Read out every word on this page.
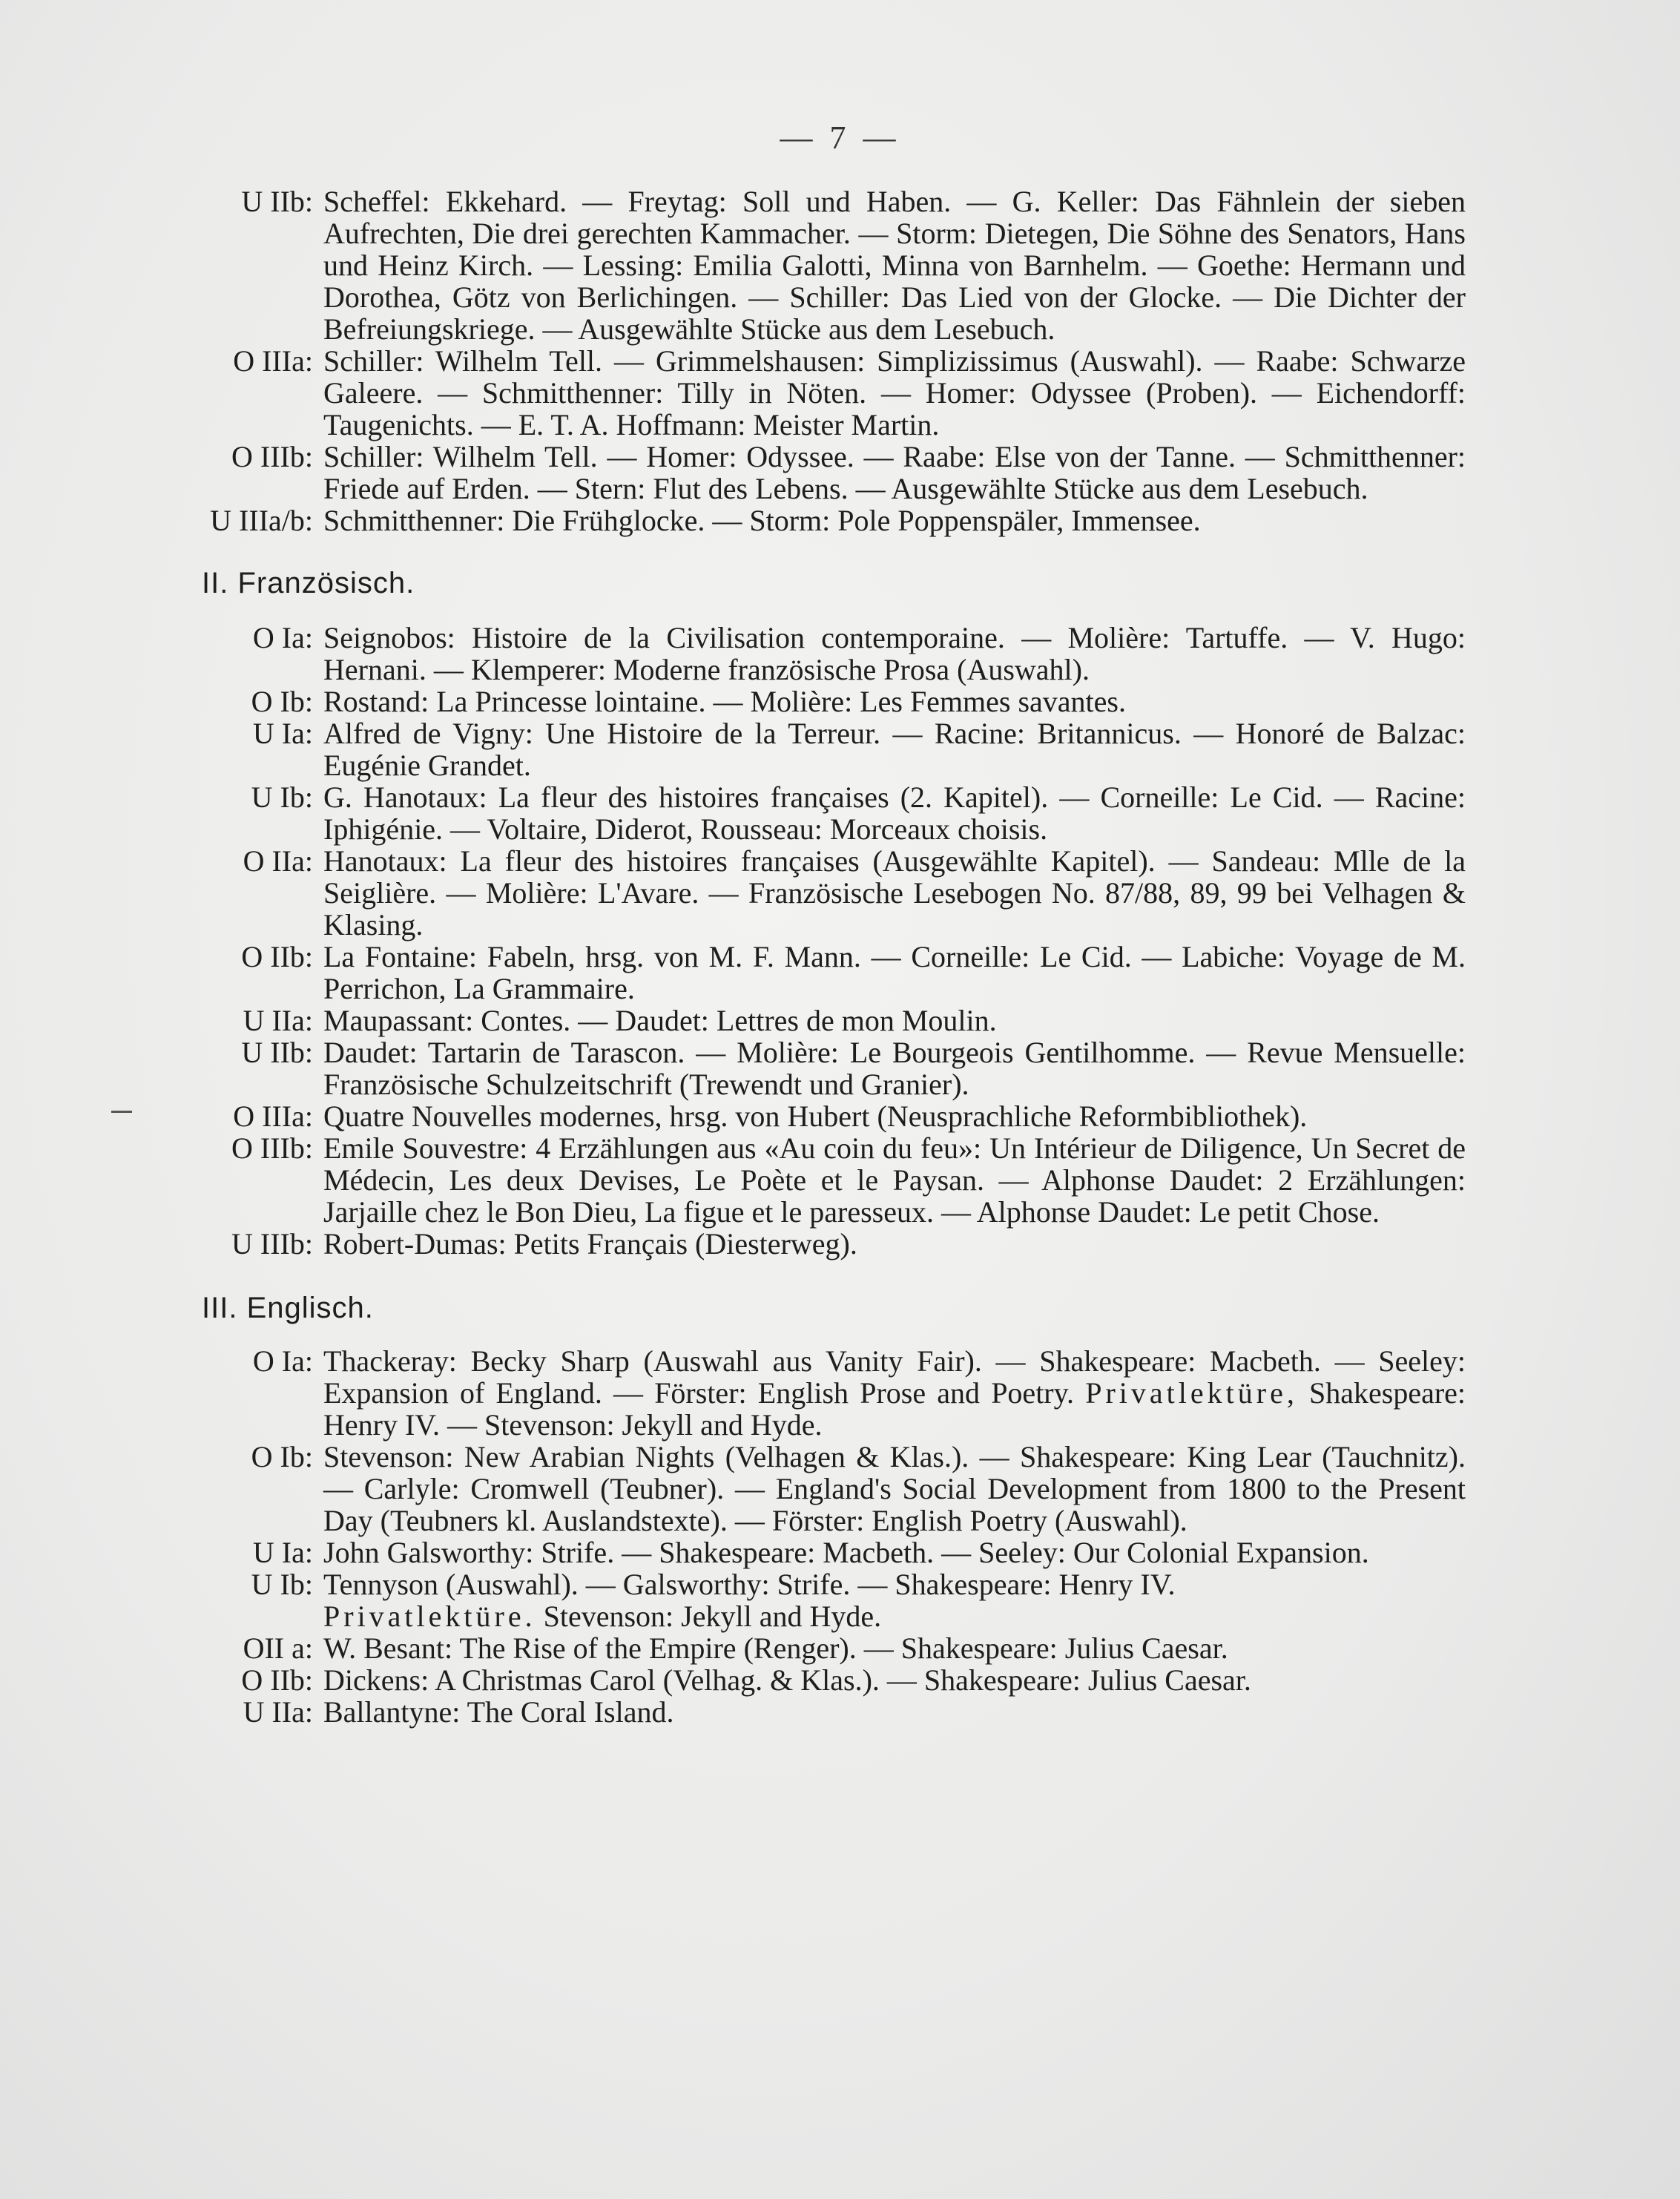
— 7 —
U IIb: Scheffel: Ekkehard. — Freytag: Soll und Haben. — G. Keller: Das Fähnlein der sieben Aufrechten, Die drei gerechten Kammacher. — Storm: Dietegen, Die Söhne des Senators, Hans und Heinz Kirch. — Lessing: Emilia Galotti, Minna von Barnhelm. — Goethe: Hermann und Dorothea, Götz von Berlichingen. — Schiller: Das Lied von der Glocke. — Die Dichter der Befreiungskriege. — Ausgewählte Stücke aus dem Lesebuch.
O IIIa: Schiller: Wilhelm Tell. — Grimmelshausen: Simplizissimus (Auswahl). — Raabe: Schwarze Galeere. — Schmitthenner: Tilly in Nöten. — Homer: Odyssee (Proben). — Eichendorff: Taugenichts. — E. T. A. Hoffmann: Meister Martin.
O IIIb: Schiller: Wilhelm Tell. — Homer: Odyssee. — Raabe: Else von der Tanne. — Schmitthenner: Friede auf Erden. — Stern: Flut des Lebens. — Ausgewählte Stücke aus dem Lesebuch.
U IIIa/b: Schmitthenner: Die Frühglocke. — Storm: Pole Poppenspäler, Immensee.
II. Französisch.
O Ia: Seignobos: Histoire de la Civilisation contemporaine. — Molière: Tartuffe. — V. Hugo: Hernani. — Klemperer: Moderne französische Prosa (Auswahl).
O Ib: Rostand: La Princesse lointaine. — Molière: Les Femmes savantes.
U Ia: Alfred de Vigny: Une Histoire de la Terreur. — Racine: Britannicus. — Honoré de Balzac: Eugénie Grandet.
U Ib: G. Hanotaux: La fleur des histoires françaises (2. Kapitel). — Corneille: Le Cid. — Racine: Iphigénie. — Voltaire, Diderot, Rousseau: Morceaux choisis.
O IIa: Hanotaux: La fleur des histoires françaises (Ausgewählte Kapitel). — Sandeau: Mlle de la Seiglière. — Molière: L'Avare. — Französische Lesebogen No. 87/88, 89, 99 bei Velhagen & Klasing.
O IIb: La Fontaine: Fabeln, hrsg. von M. F. Mann. — Corneille: Le Cid. — Labiche: Voyage de M. Perrichon, La Grammaire.
U IIa: Maupassant: Contes. — Daudet: Lettres de mon Moulin.
U IIb: Daudet: Tartarin de Tarascon. — Molière: Le Bourgeois Gentilhomme. — Revue Mensuelle: Französische Schulzeitschrift (Trewendt und Granier).
O IIIa: Quatre Nouvelles modernes, hrsg. von Hubert (Neusprachliche Reformbibliothek).
O IIIb: Emile Souvestre: 4 Erzählungen aus «Au coin du feu»: Un Intérieur de Diligence, Un Secret de Médecin, Les deux Devises, Le Poète et le Paysan. — Alphonse Daudet: 2 Erzählungen: Jarjaille chez le Bon Dieu, La figue et le paresseux. — Alphonse Daudet: Le petit Chose.
U IIIb: Robert-Dumas: Petits Français (Diesterweg).
III. Englisch.
O Ia: Thackeray: Becky Sharp (Auswahl aus Vanity Fair). — Shakespeare: Macbeth. — Seeley: Expansion of England. — Förster: English Prose and Poetry. Privatlektüre, Shakespeare: Henry IV. — Stevenson: Jekyll and Hyde.
O Ib: Stevenson: New Arabian Nights (Velhagen & Klas.). — Shakespeare: King Lear (Tauchnitz). — Carlyle: Cromwell (Teubner). — England's Social Development from 1800 to the Present Day (Teubners kl. Auslandstexte). — Förster: English Poetry (Auswahl).
U Ia: John Galsworthy: Strife. — Shakespeare: Macbeth. — Seeley: Our Colonial Expansion.
U Ib: Tennyson (Auswahl). — Galsworthy: Strife. — Shakespeare: Henry IV.
Privatlektüre. Stevenson: Jekyll and Hyde.
OII a: W. Besant: The Rise of the Empire (Renger). — Shakespeare: Julius Caesar.
O IIb: Dickens: A Christmas Carol (Velhag. & Klas.). — Shakespeare: Julius Caesar.
U IIa: Ballantyne: The Coral Island.
